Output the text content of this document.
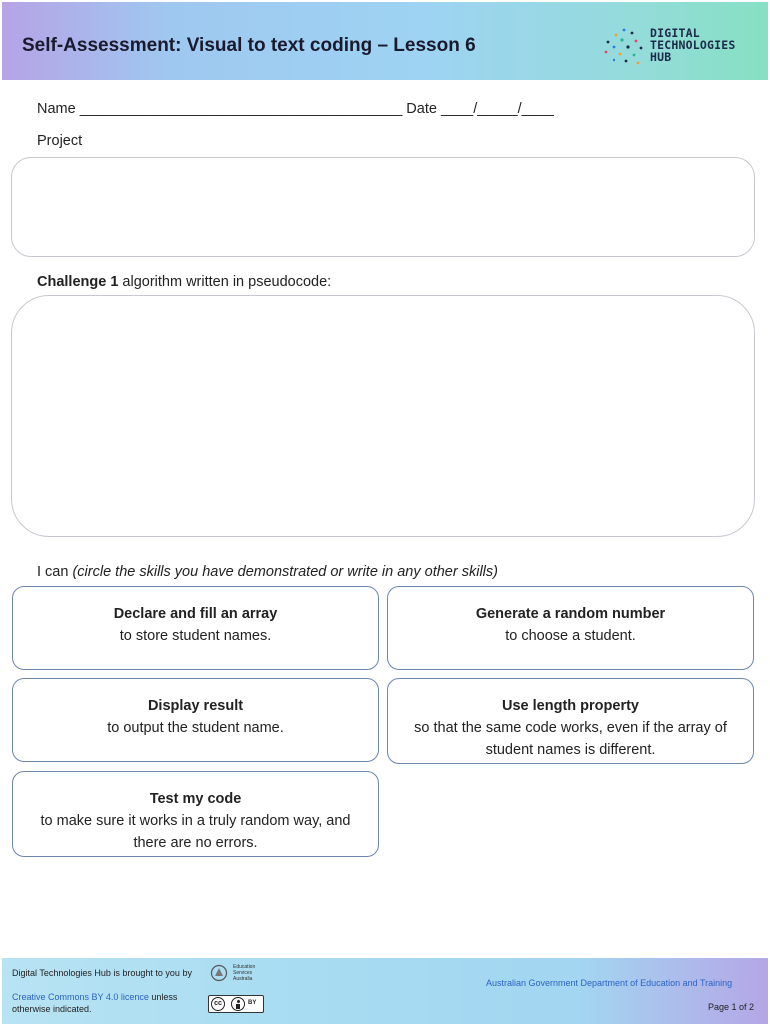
Self-Assessment: Visual to text coding – Lesson 6
DIGITAL
TECHNOLOGIES
HUB
Name ________________________________________ Date ____/_____/____
Project
Challenge 1 algorithm written in pseudocode:
I can (circle the skills you have demonstrated or write in any other skills)
Declare and fill an array
to store student names.
Generate a random number
to choose a student.
Display result
to output the student name.
Use length property
so that the same code works, even if the array of student names is different.
Test my code
to make sure it works in a truly random way, and there are no errors.
Digital Technologies Hub is brought to you by
Education Services Australia
Creative Commons BY 4.0 licence unless
otherwise indicated.
cc	BY
Australian Government Department of Education and Training
Page 1 of 2
